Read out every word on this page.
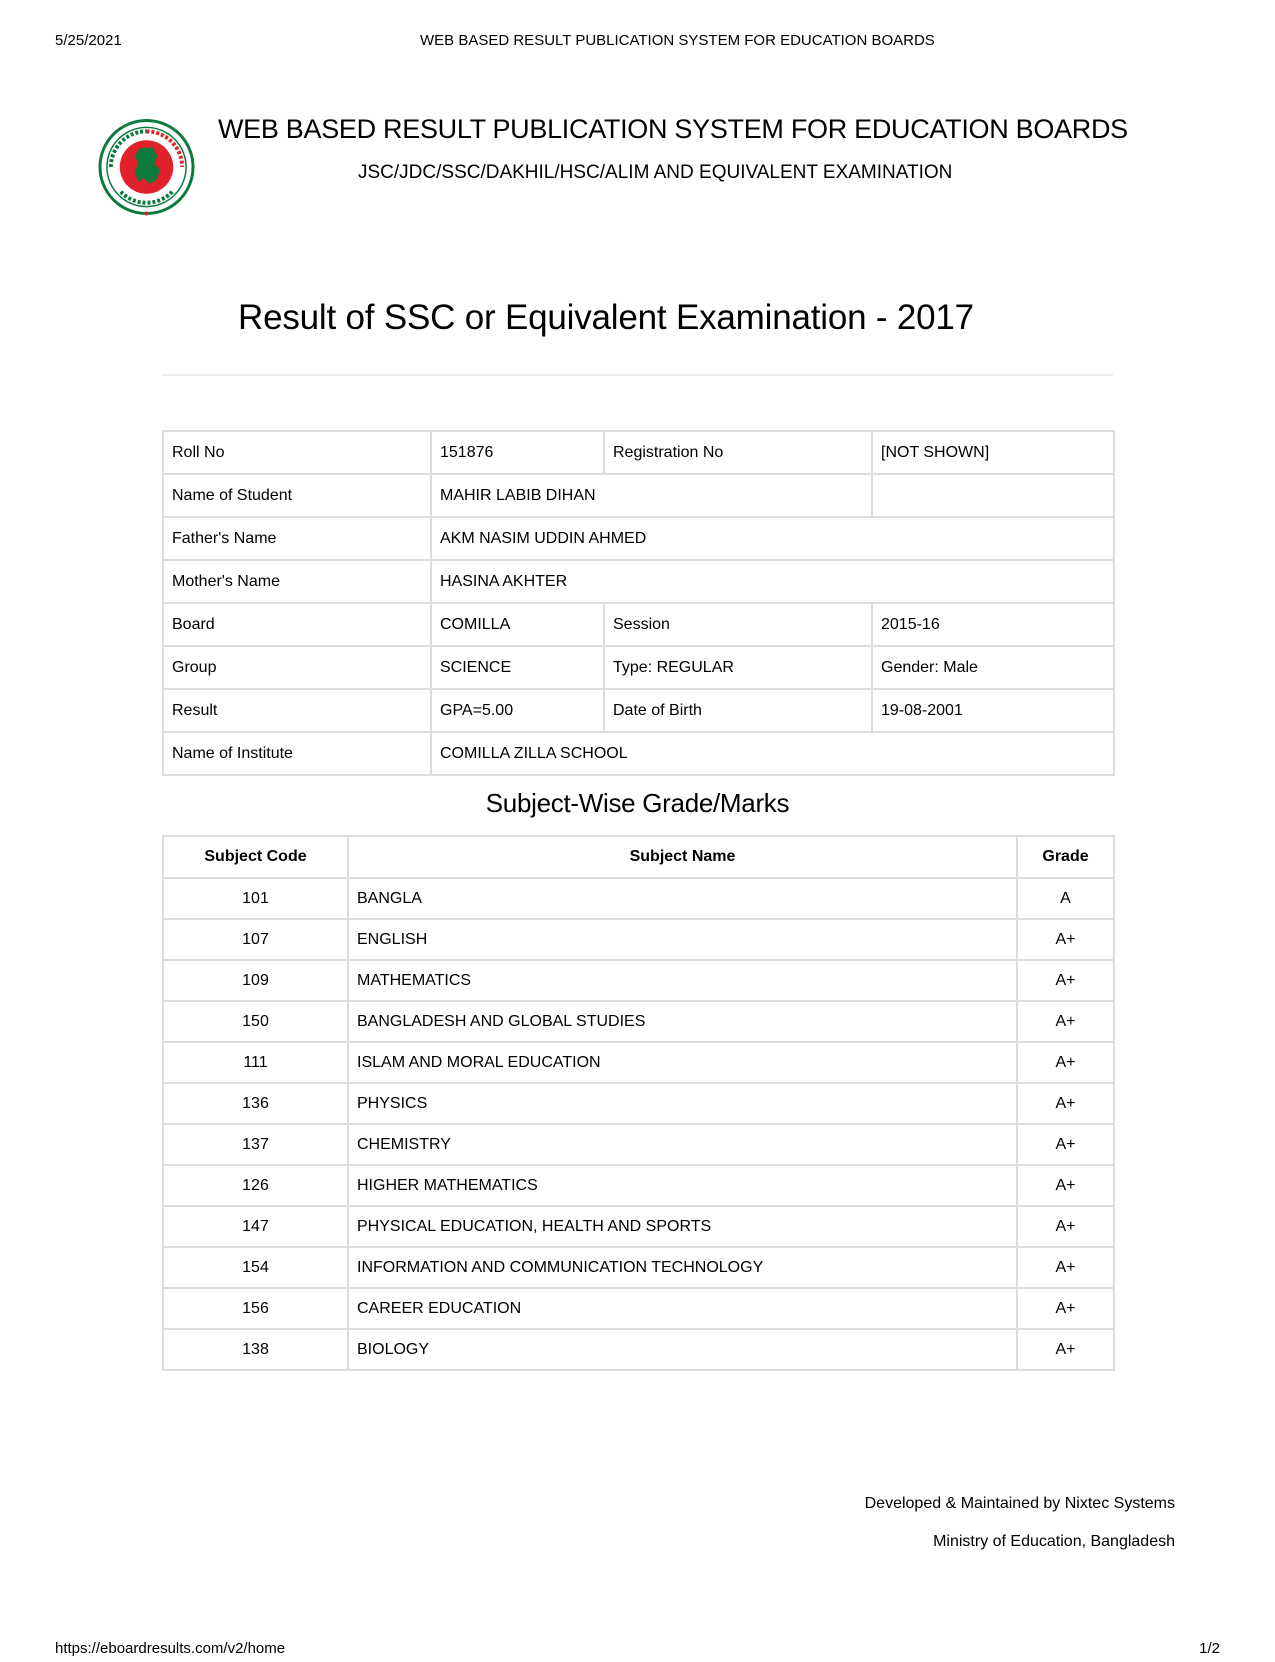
5/25/2021	WEB BASED RESULT PUBLICATION SYSTEM FOR EDUCATION BOARDS
WEB BASED RESULT PUBLICATION SYSTEM FOR EDUCATION BOARDS
JSC/JDC/SSC/DAKHIL/HSC/ALIM AND EQUIVALENT EXAMINATION
Result of SSC or Equivalent Examination - 2017
Roll No	151876	Registration No	[NOT SHOWN]
Name of Student	MAHIR LABIB DIHAN		
Father's Name	AKM NASIM UDDIN AHMED		
Mother's Name	HASINA AKHTER		
Board	COMILLA	Session	2015-16
Group	SCIENCE	Type: REGULAR	Gender: Male
Result	GPA=5.00	Date of Birth	19-08-2001
Name of Institute	COMILLA ZILLA SCHOOL		
Subject-Wise Grade/Marks
Subject Code	Subject Name	Grade
101	BANGLA	A
107	ENGLISH	A+
109	MATHEMATICS	A+
150	BANGLADESH AND GLOBAL STUDIES	A+
111	ISLAM AND MORAL EDUCATION	A+
136	PHYSICS	A+
137	CHEMISTRY	A+
126	HIGHER MATHEMATICS	A+
147	PHYSICAL EDUCATION, HEALTH AND SPORTS	A+
154	INFORMATION AND COMMUNICATION TECHNOLOGY	A+
156	CAREER EDUCATION	A+
138	BIOLOGY	A+
Developed & Maintained by Nixtec Systems
Ministry of Education, Bangladesh
https://eboardresults.com/v2/home	1/2
